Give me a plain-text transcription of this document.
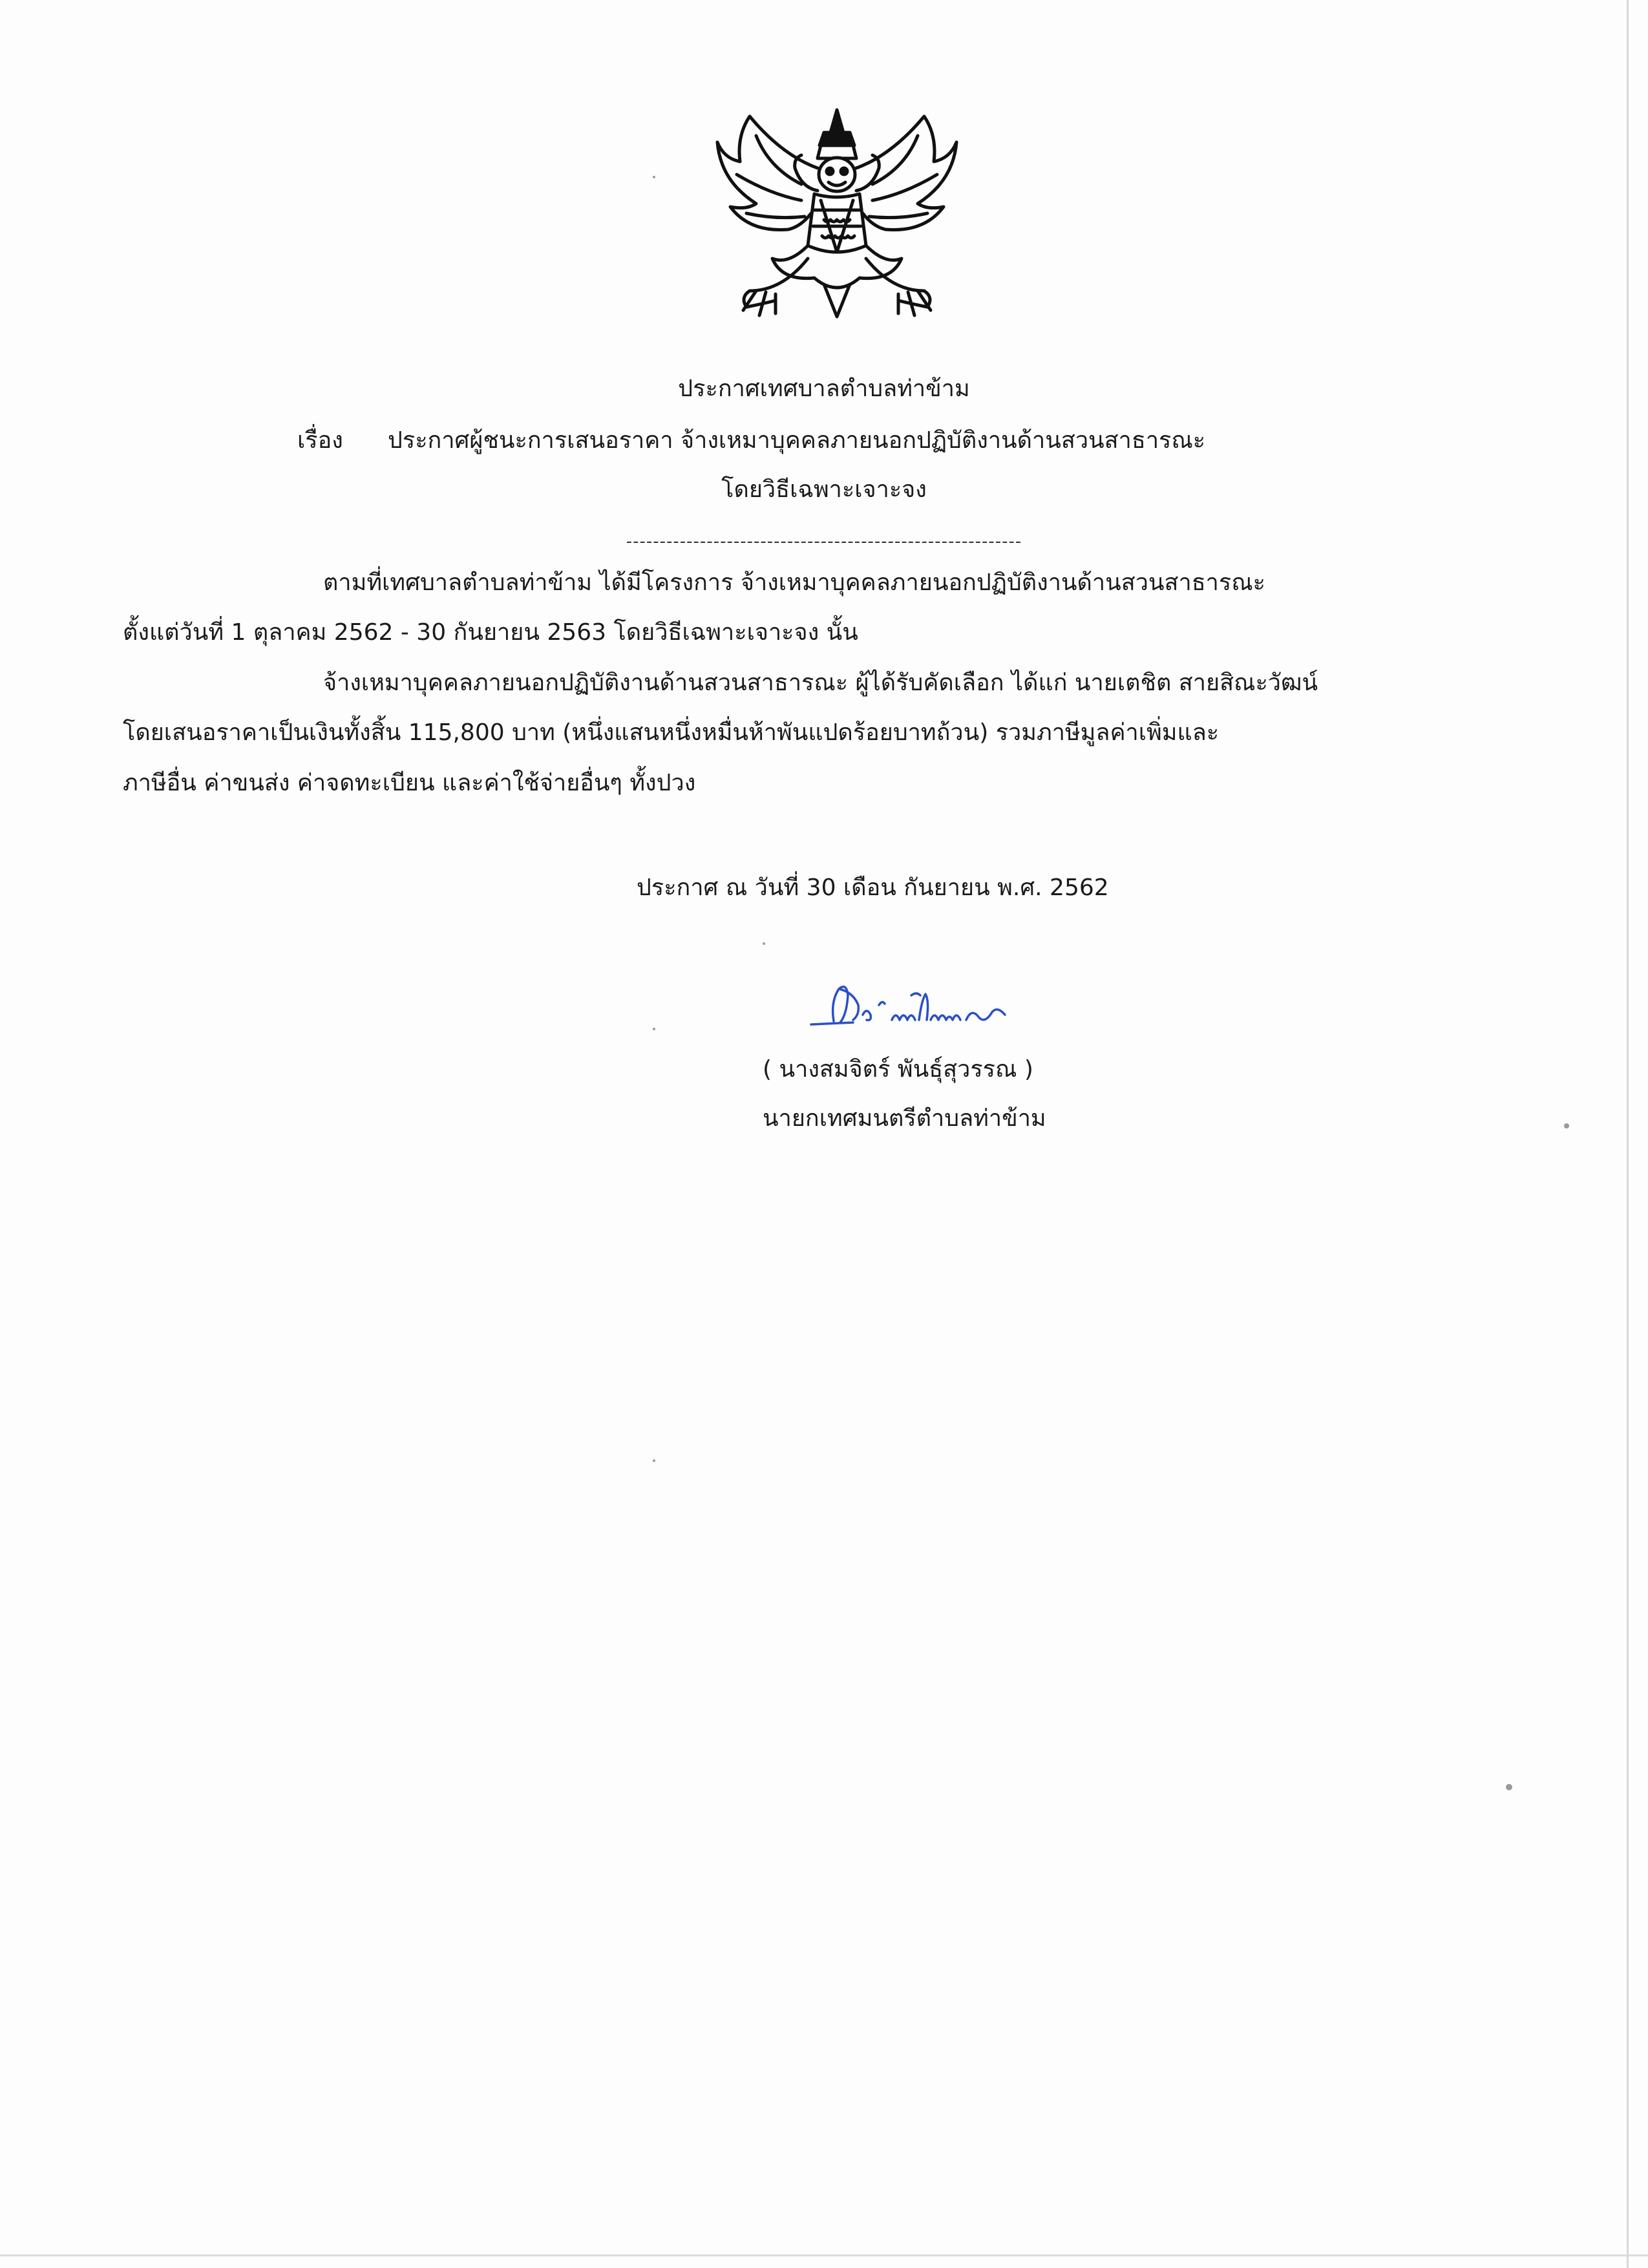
ประกาศเทศบาลตำบลท่าข้าม
เรื่อง ประกาศผู้ชนะการเสนอราคา จ้างเหมาบุคคลภายนอกปฏิบัติงานด้านสวนสาธารณะ
โดยวิธีเฉพาะเจาะจง
-----------------------------------------------------------
ตามที่เทศบาลตำบลท่าข้าม ได้มีโครงการ จ้างเหมาบุคคลภายนอกปฏิบัติงานด้านสวนสาธารณะ
ตั้งแต่วันที่ 1 ตุลาคม 2562 - 30 กันยายน 2563 โดยวิธีเฉพาะเจาะจง นั้น
จ้างเหมาบุคคลภายนอกปฏิบัติงานด้านสวนสาธารณะ ผู้ได้รับคัดเลือก ได้แก่ นายเตชิต สายสิณะวัฒน์
โดยเสนอราคาเป็นเงินทั้งสิ้น 115,800 บาท (หนึ่งแสนหนึ่งหมื่นห้าพันแปดร้อยบาทถ้วน) รวมภาษีมูลค่าเพิ่มและ
ภาษีอื่น ค่าขนส่ง ค่าจดทะเบียน และค่าใช้จ่ายอื่นๆ ทั้งปวง
ประกาศ ณ วันที่ 30 เดือน กันยายน พ.ศ. 2562
( นางสมจิตร์ พันธุ์สุวรรณ )
นายกเทศมนตรีตำบลท่าข้าม
